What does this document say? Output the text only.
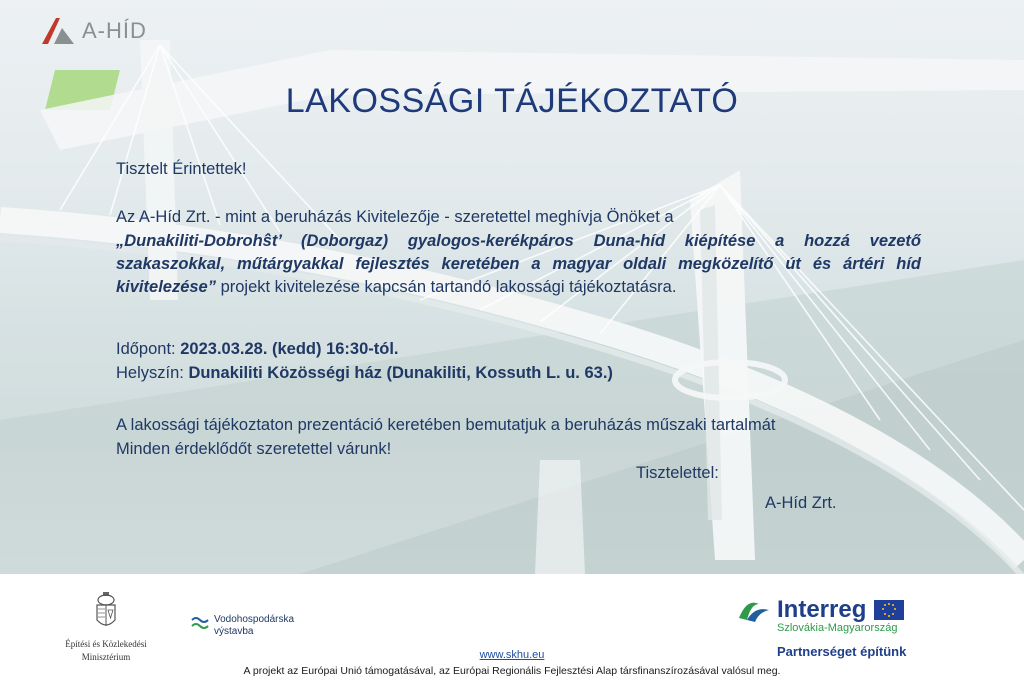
A-HÍD
LAKOSSÁGI TÁJÉKOZTATÓ
Tisztelt Érintettek!
Az A-Híd Zrt. - mint a beruházás Kivitelezője - szeretettel meghívja Önöket a
„Dunakiliti-Dobrohŝt’ (Doborgaz) gyalogos-kerékpáros Duna-híd kiépítése a hozzá vezető szakaszokkal, műtárgyakkal fejlesztés keretében a magyar oldali megközelítő út és ártéri híd kivitelezése” projekt kivitelezése kapcsán tartandó lakossági tájékoztatásra.
Időpont: 2023.03.28. (kedd) 16:30-tól.
Helyszín: Dunakiliti Közösségi ház (Dunakiliti, Kossuth L. u. 63.)
A lakossági tájékoztaton prezentáció keretében bemutatjuk a beruházás műszaki tartalmát
Minden érdeklődőt szeretettel várunk!
Tisztelettel:
A-Híd Zrt.
Építési és Közlekedési
Minisztérium
Vodohospodárska
výstavba
Interreg
Szlovákia-Magyarország
Partnerséget építünk
www.skhu.eu
A projekt az Európai Unió támogatásával, az Európai Regionális Fejlesztési Alap társfinanszírozásával valósul meg.
